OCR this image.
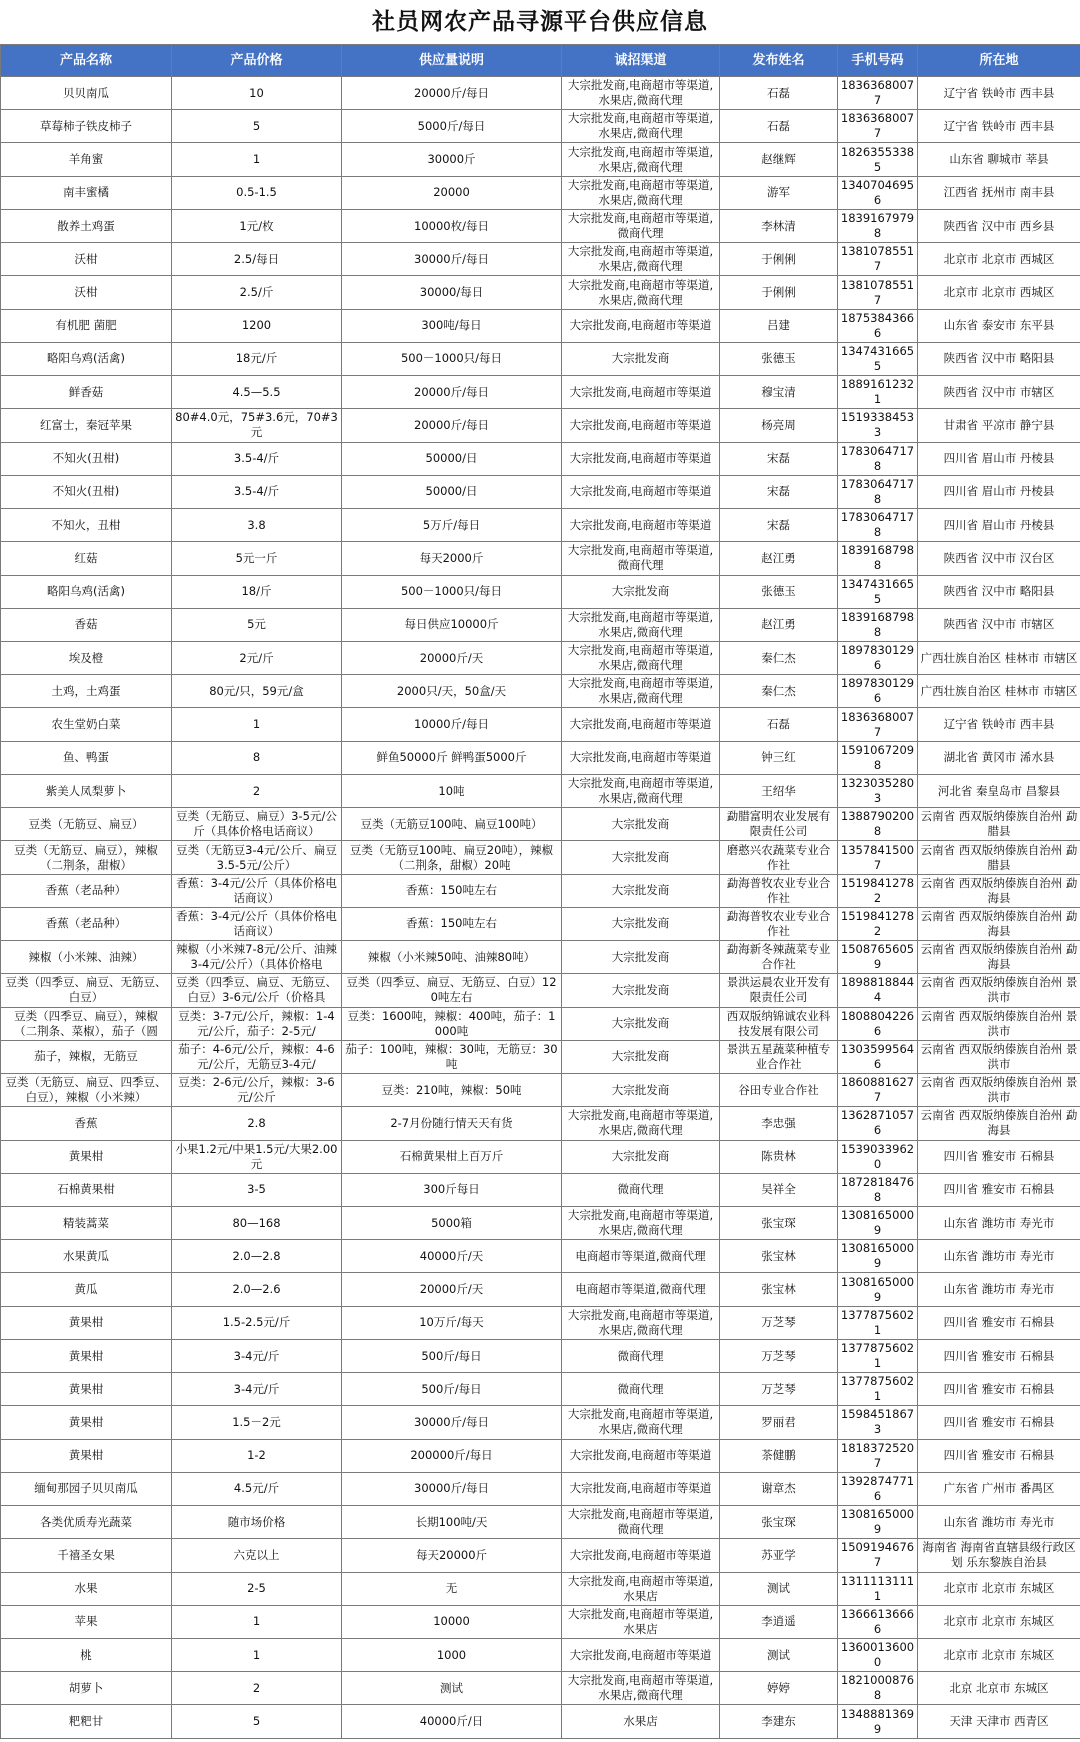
社员网农产品寻源平台供应信息
产品名称	产品价格	供应量说明	诚招渠道	发布姓名	手机号码	所在地

贝贝南瓜	10	20000斤/每日	大宗批发商,电商超市等渠道,水果店,微商代理	石磊	18363680077	辽宁省 铁岭市 西丰县

草莓柿子铁皮柿子	5	5000斤/每日	大宗批发商,电商超市等渠道,水果店,微商代理	石磊	18363680077	辽宁省 铁岭市 西丰县

羊角蜜	1	30000斤	大宗批发商,电商超市等渠道,水果店,微商代理	赵继辉	18263553385	山东省 聊城市 莘县

南丰蜜橘	0.5-1.5	20000	大宗批发商,电商超市等渠道,水果店,微商代理	游军	13407046956	江西省 抚州市 南丰县

散养土鸡蛋	1元/枚	10000枚/每日	大宗批发商,电商超市等渠道,微商代理	李林清	18391679798	陕西省 汉中市 西乡县

沃柑	2.5/每日	30000斤/每日	大宗批发商,电商超市等渠道,水果店,微商代理	于俐俐	13810785517	北京市 北京市 西城区

沃柑	2.5/斤	30000/每日	大宗批发商,电商超市等渠道,水果店,微商代理	于俐俐	13810785517	北京市 北京市 西城区

有机肥 菌肥	1200	300吨/每日	大宗批发商,电商超市等渠道	吕建	18753843666	山东省 泰安市 东平县

略阳乌鸡(活禽)	18元/斤	500－1000只/每日	大宗批发商	张德玉	13474316655	陕西省 汉中市 略阳县

鲜香菇	4.5—5.5	20000斤/每日	大宗批发商,电商超市等渠道	穆宝清	18891612321	陕西省 汉中市 市辖区

红富士，秦冠苹果	80#4.0元，75#3.6元，70#3元	20000斤/每日	大宗批发商,电商超市等渠道	杨亮周	15193384533	甘肃省 平凉市 静宁县

不知火(丑柑)	3.5-4/斤	50000/日	大宗批发商,电商超市等渠道	宋磊	17830647178	四川省 眉山市 丹棱县

不知火(丑柑)	3.5-4/斤	50000/日	大宗批发商,电商超市等渠道	宋磊	17830647178	四川省 眉山市 丹棱县

不知火，丑柑	3.8	5万斤/每日	大宗批发商,电商超市等渠道	宋磊	17830647178	四川省 眉山市 丹棱县

红菇	5元一斤	每天2000斤	大宗批发商,电商超市等渠道,微商代理	赵江勇	18391687988	陕西省 汉中市 汉台区

略阳乌鸡(活禽)	18/斤	500－1000只/每日	大宗批发商	张德玉	13474316655	陕西省 汉中市 略阳县

香菇	5元	每日供应10000斤	大宗批发商,电商超市等渠道,水果店,微商代理	赵江勇	18391687988	陕西省 汉中市 市辖区

埃及橙	2元/斤	20000斤/天	大宗批发商,电商超市等渠道,水果店,微商代理	秦仁杰	18978301296	广西壮族自治区 桂林市 市辖区

土鸡，土鸡蛋	80元/只，59元/盒	2000只/天，50盒/天	大宗批发商,电商超市等渠道,水果店,微商代理	秦仁杰	18978301296	广西壮族自治区 桂林市 市辖区

农生堂奶白菜	1	10000斤/每日	大宗批发商,电商超市等渠道	石磊	18363680077	辽宁省 铁岭市 西丰县

鱼、鸭蛋	8	鲜鱼50000斤 鲜鸭蛋5000斤	大宗批发商,电商超市等渠道	钟三红	15910672098	湖北省 黄冈市 浠水县

紫美人凤梨萝卜	2	10吨	大宗批发商,电商超市等渠道,水果店,微商代理	王绍华	13230352803	河北省 秦皇岛市 昌黎县

豆类（无筋豆、扁豆）	豆类（无筋豆、扁豆）3-5元/公斤（具体价格电话商议）	豆类（无筋豆100吨、扁豆100吨）	大宗批发商	勐腊富明农业发展有限责任公司	13887902008	云南省 西双版纳傣族自治州 勐腊县

豆类（无筋豆、扁豆），辣椒（二荆条，甜椒）	豆类（无筋豆3-4元/公斤、扁豆3.5-5元/公斤）	豆类（无筋豆100吨、扁豆20吨），辣椒（二荆条，甜椒）20吨	大宗批发商	磨憨兴农蔬菜专业合作社	13578415007	云南省 西双版纳傣族自治州 勐腊县

香蕉（老品种）	香蕉：3-4元/公斤（具体价格电话商议）	香蕉：150吨左右	大宗批发商	勐海普牧农业专业合作社	15198412782	云南省 西双版纳傣族自治州 勐海县

香蕉（老品种）	香蕉：3-4元/公斤（具体价格电话商议）	香蕉：150吨左右	大宗批发商	勐海普牧农业专业合作社	15198412782	云南省 西双版纳傣族自治州 勐海县

辣椒（小米辣、油辣）	辣椒（小米辣7-8元/公斤、油辣3-4元/公斤）（具体价格电	辣椒（小米辣50吨、油辣80吨）	大宗批发商	勐海新冬辣蔬菜专业合作社	15087656059	云南省 西双版纳傣族自治州 勐海县

豆类（四季豆、扁豆、无筋豆、白豆）	豆类（四季豆、扁豆、无筋豆、白豆）3-6元/公斤（价格具	豆类（四季豆、扁豆、无筋豆、白豆）120吨左右	大宗批发商	景洪运晨农业开发有限责任公司	18988188444	云南省 西双版纳傣族自治州 景洪市

豆类（四季豆、扁豆），辣椒（二荆条、菜椒），茄子（圆	豆类：3-7元/公斤，辣椒：1-4元/公斤，茄子：2-5元/	豆类：1600吨，辣椒：400吨，茄子：1000吨	大宗批发商	西双版纳锦诚农业科技发展有限公司	18088042266	云南省 西双版纳傣族自治州 景洪市

茄子，辣椒，无筋豆	茄子：4-6元/公斤，辣椒：4-6元/公斤，无筋豆3-4元/	茄子：100吨，辣椒：30吨，无筋豆：30吨	大宗批发商	景洪五星蔬菜种植专业合作社	13035995646	云南省 西双版纳傣族自治州 景洪市

豆类（无筋豆、扁豆、四季豆、白豆），辣椒（小米辣）	豆类：2-6元/公斤，辣椒：3-6元/公斤	豆类：210吨，辣椒：50吨	大宗批发商	谷田专业合作社	18608816277	云南省 西双版纳傣族自治州 景洪市

香蕉	2.8	2-7月份随行情天天有货	大宗批发商,电商超市等渠道,水果店,微商代理	李忠强	13628710576	云南省 西双版纳傣族自治州 勐海县

黄果柑	小果1.2元/中果1.5元/大果2.00元	石棉黄果柑上百万斤	大宗批发商	陈贵林	15390339620	四川省 雅安市 石棉县

石棉黄果柑	3-5	300斤每日	微商代理	吴祥全	18728184768	四川省 雅安市 石棉县

精装蒿菜	80—168	5000箱	大宗批发商,电商超市等渠道,水果店,微商代理	张宝琛	13081650009	山东省 潍坊市 寿光市

水果黄瓜	2.0—2.8	40000斤/天	电商超市等渠道,微商代理	张宝林	13081650009	山东省 潍坊市 寿光市

黄瓜	2.0—2.6	20000斤/天	电商超市等渠道,微商代理	张宝林	13081650009	山东省 潍坊市 寿光市

黄果柑	1.5-2.5元/斤	10万斤/每天	大宗批发商,电商超市等渠道,水果店,微商代理	万芝琴	13778756021	四川省 雅安市 石棉县

黄果柑	3-4元/斤	500斤/每日	微商代理	万芝琴	13778756021	四川省 雅安市 石棉县

黄果柑	3-4元/斤	500斤/每日	微商代理	万芝琴	13778756021	四川省 雅安市 石棉县

黄果柑	1.5－2元	30000斤/每日	大宗批发商,电商超市等渠道,水果店,微商代理	罗丽君	15984518673	四川省 雅安市 石棉县

黄果柑	1-2	200000斤/每日	大宗批发商,电商超市等渠道	茶健鹏	18183725207	四川省 雅安市 石棉县

缅甸那园子贝贝南瓜	4.5元/斤	30000斤/每日	大宗批发商,电商超市等渠道	谢章杰	13928747716	广东省 广州市 番禺区

各类优质寿光蔬菜	随市场价格	长期100吨/天	大宗批发商,电商超市等渠道,微商代理	张宝琛	13081650009	山东省 潍坊市 寿光市

千禧圣女果	六克以上	每天20000斤	大宗批发商,电商超市等渠道	苏亚学	15091946767	海南省 海南省直辖县级行政区划 乐东黎族自治县

水果	2-5	无	大宗批发商,电商超市等渠道,水果店	测试	13111131111	北京市 北京市 东城区

苹果	1	10000	大宗批发商,电商超市等渠道,水果店	李逍遥	13666136666	北京市 北京市 东城区

桃	1	1000	大宗批发商,电商超市等渠道	测试	13600136000	北京市 北京市 东城区

胡萝卜	2	测试	大宗批发商,电商超市等渠道,水果店,微商代理	婷婷	18210008768	北京 北京市 东城区

粑粑甘	5	40000斤/日	水果店	李建东	13488813699	天津 天津市 西青区
